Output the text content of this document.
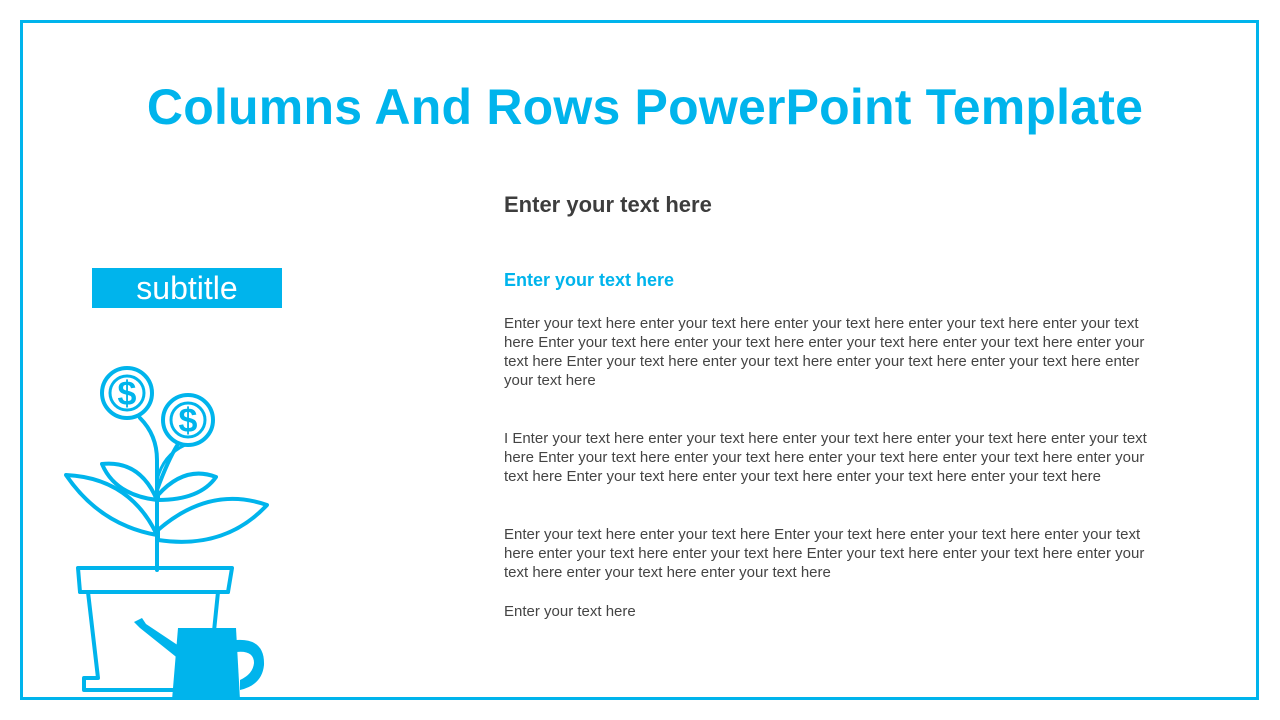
Columns And Rows PowerPoint Template
subtitle
$
$
Enter your text here
Enter your text here

Enter your text here enter your text here enter your text here enter your text here enter your text here Enter your text here enter your text here enter your text here enter your text here enter your text here Enter your text here enter your text here enter your text here enter your text here enter your text here

I Enter your text here enter your text here enter your text here enter your text here enter your text here Enter your text here enter your text here enter your text here enter your text here enter your text here Enter your text here enter your text here enter your text here enter your text here

Enter your text here enter your text here Enter your text here enter your text here enter your text here enter your text here enter your text here Enter your text here enter your text here enter your text here enter your text here enter your text here

Enter your text here
